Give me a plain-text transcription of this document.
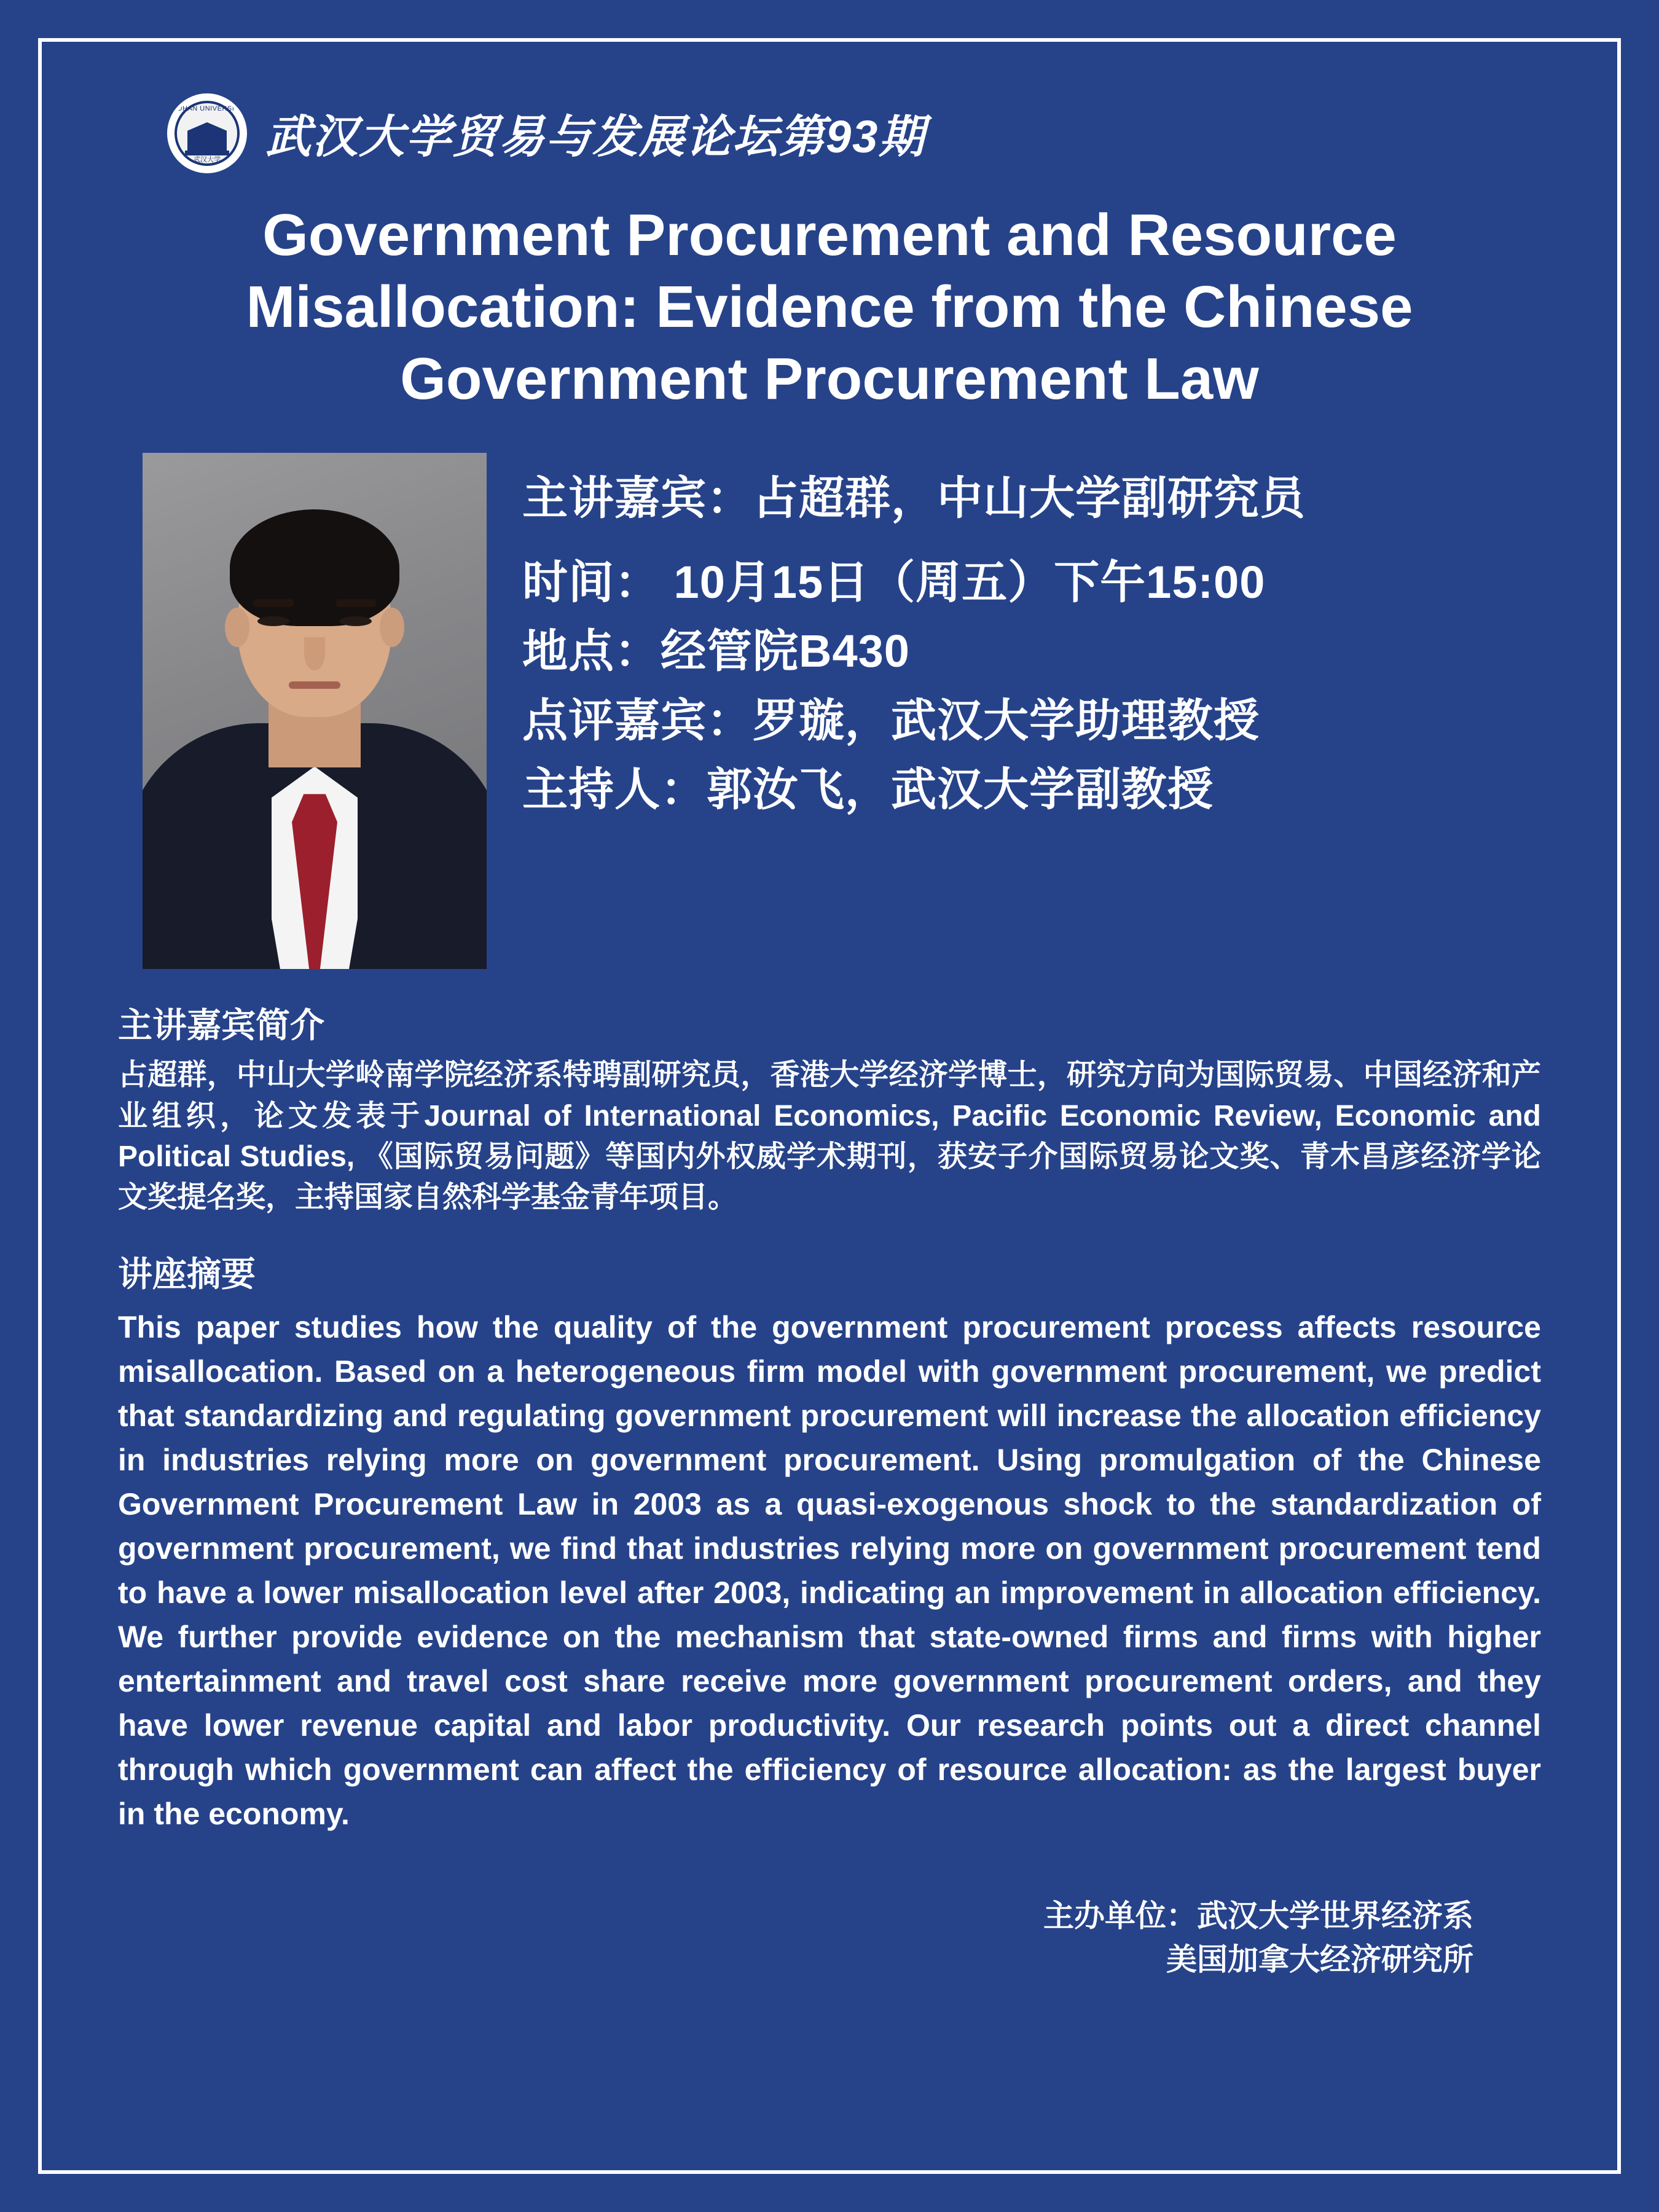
WUHAN UNIVERSITY
武汉大学 武汉大学贸易与发展论坛第93期
Government Procurement and Resource Misallocation: Evidence from the Chinese Government Procurement Law
主讲嘉宾：占超群，中山大学副研究员
时间： 10月15日（周五）下午15:00
地点：经管院B430
点评嘉宾：罗璇，武汉大学助理教授
主持人：郭汝飞，武汉大学副教授
主讲嘉宾简介
占超群，中山大学岭南学院经济系特聘副研究员，香港大学经济学博士，研究方向为国际贸易、中国经济和产业组织，论文发表于Journal of International Economics, Pacific Economic Review, Economic and Political Studies, 《国际贸易问题》等国内外权威学术期刊，获安子介国际贸易论文奖、青木昌彦经济学论文奖提名奖，主持国家自然科学基金青年项目。
讲座摘要
This paper studies how the quality of the government procurement process affects resource misallocation. Based on a heterogeneous firm model with government procurement, we predict that standardizing and regulating government procurement will increase the allocation efficiency in industries relying more on government procurement. Using promulgation of the Chinese Government Procurement Law in 2003 as a quasi-exogenous shock to the standardization of government procurement, we find that industries relying more on government procurement tend to have a lower misallocation level after 2003, indicating an improvement in allocation efficiency. We further provide evidence on the mechanism that state-owned firms and firms with higher entertainment and travel cost share receive more government procurement orders, and they have lower revenue capital and labor productivity. Our research points out a direct channel through which government can affect the efficiency of resource allocation: as the largest buyer in the economy.
主办单位：武汉大学世界经济系
美国加拿大经济研究所
